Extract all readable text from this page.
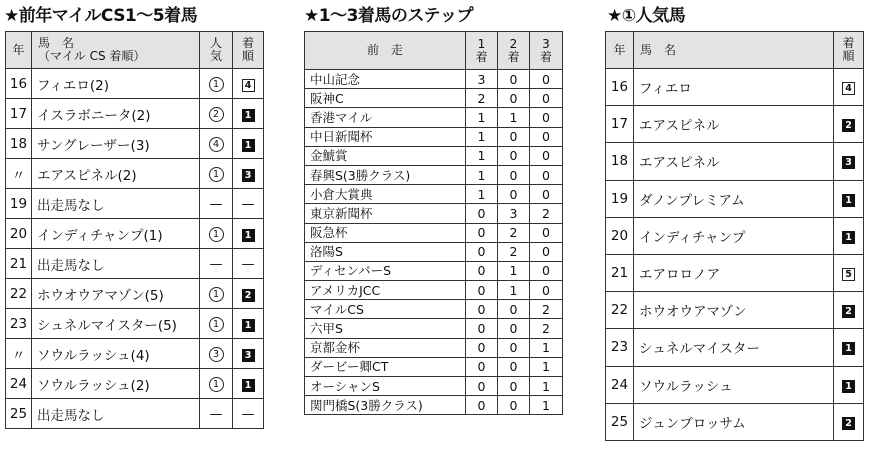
★前年マイルCS1～5着馬	★1～3着馬のステップ	★①人気馬
年	馬　名
（マイル CS 着順）	人
気	着
順
16	フィエロ(2)	1	4
17	イスラボニータ(2)	2	1
18	サングレーザー(3)	4	1
〃	エアスピネル(2)	1	3
19	出走馬なし	—	—
20	インディチャンプ(1)	1	1
21	出走馬なし	—	—
22	ホウオウアマゾン(5)	1	2
23	シュネルマイスター(5)	1	1
〃	ソウルラッシュ(4)	3	3
24	ソウルラッシュ(2)	1	1
25	出走馬なし	—	—
前　走	1
着	2
着	3
着
中山記念	3	0	0
阪神C	2	0	0
香港マイル	1	1	0
中日新聞杯	1	0	0
金鯱賞	1	0	0
春興S(3勝クラス)	1	0	0
小倉大賞典	1	0	0
東京新聞杯	0	3	2
阪急杯	0	2	0
洛陽S	0	2	0
ディセンバーS	0	1	0
アメリカJCC	0	1	0
マイルCS	0	0	2
六甲S	0	0	2
京都金杯	0	0	1
ダービー卿CT	0	0	1
オーシャンS	0	0	1
関門橋S(3勝クラス)	0	0	1
年	馬　名	着
順
16	フィエロ	4
17	エアスピネル	2
18	エアスピネル	3
19	ダノンプレミアム	1
20	インディチャンプ	1
21	エアロロノア	5
22	ホウオウアマゾン	2
23	シュネルマイスター	1
24	ソウルラッシュ	1
25	ジュンブロッサム	2
